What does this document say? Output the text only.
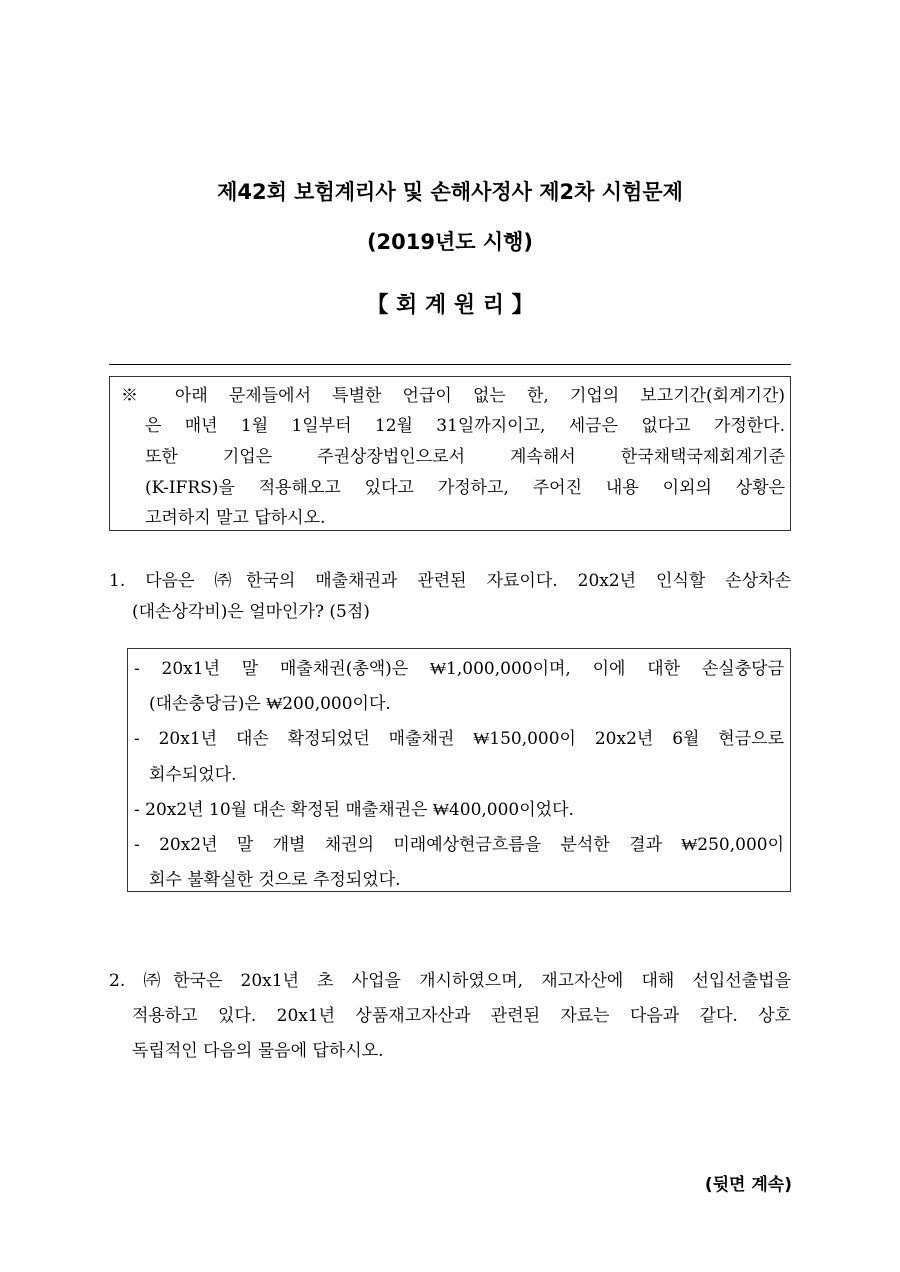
제42회 보험계리사 및 손해사정사 제2차 시험문제
(2019년도 시행)
【 회 계 원 리 】
※ 아래 문제들에서 특별한 언급이 없는 한, 기업의 보고기간(회계기간)
은 매년 1월 1일부터 12월 31일까지이고, 세금은 없다고 가정한다.
또한 기업은 주권상장법인으로서 계속해서 한국채택국제회계기준
(K-IFRS)을 적용해오고 있다고 가정하고, 주어진 내용 이외의 상황은
고려하지 말고 답하시오.
1. 다음은 ㈜한국의 매출채권과 관련된 자료이다. 20x2년 인식할 손상차손
(대손상각비)은 얼마인가? (5점)
- 20x1년 말 매출채권(총액)은 ₩1,000,000이며, 이에 대한 손실충당금
(대손충당금)은 ₩200,000이다.
- 20x1년 대손 확정되었던 매출채권 ₩150,000이 20x2년 6월 현금으로
회수되었다.
- 20x2년 10월 대손 확정된 매출채권은 ₩400,000이었다.
- 20x2년 말 개별 채권의 미래예상현금흐름을 분석한 결과 ₩250,000이
회수 불확실한 것으로 추정되었다.
2. ㈜한국은 20x1년 초 사업을 개시하였으며, 재고자산에 대해 선입선출법을
적용하고 있다. 20x1년 상품재고자산과 관련된 자료는 다음과 같다. 상호
독립적인 다음의 물음에 답하시오.
(뒷면 계속)
